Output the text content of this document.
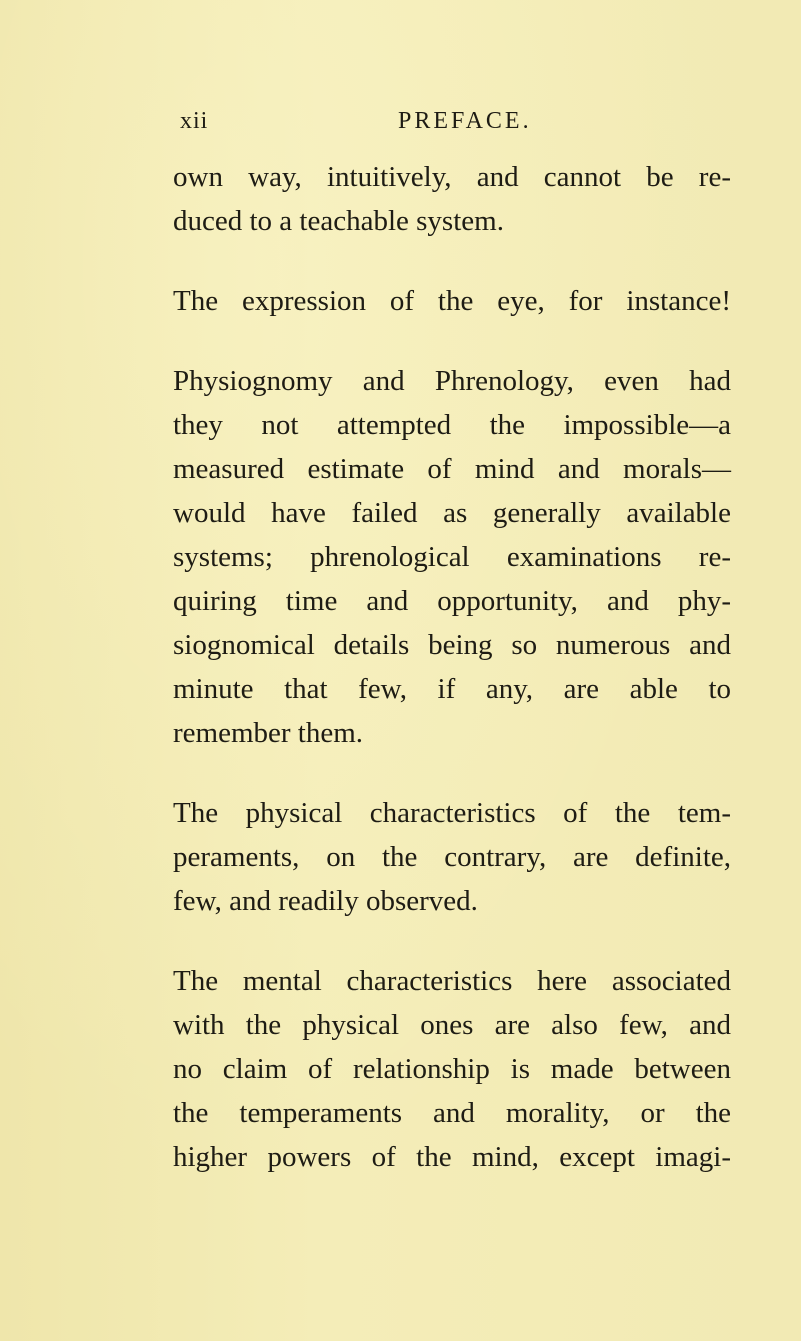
xii	PREFACE.
own way, intuitively, and cannot be re-
duced to a teachable system.
The expression of the eye, for instance!
Physiognomy and Phrenology, even had
they not attempted the impossible—a
measured estimate of mind and morals—
would have failed as generally available
systems; phrenological examinations re-
quiring time and opportunity, and phy-
siognomical details being so numerous and
minute that few, if any, are able to
remember them.
The physical characteristics of the tem-
peraments, on the contrary, are definite,
few, and readily observed.
The mental characteristics here associated
with the physical ones are also few, and
no claim of relationship is made between
the temperaments and morality, or the
higher powers of the mind, except imagi-
